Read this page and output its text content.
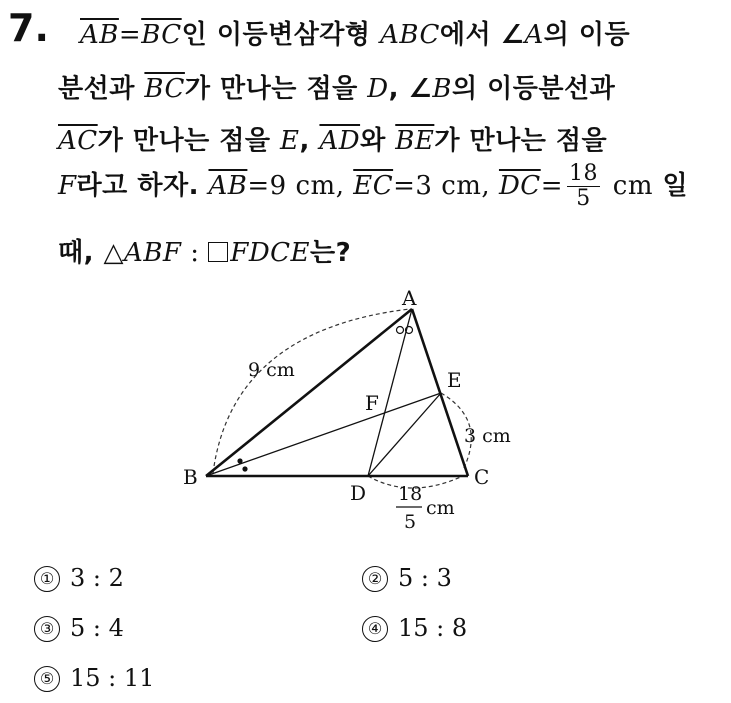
7. $\overline{AB}=\overline{BC}$인 이등변삼각형 ABC에서 ∠A의 이등
분선과 $\overline{BC}$가 만나는 점을 D, ∠B의 이등분선과
$\overline{AC}$가 만나는 점을 E, $\overline{AD}$와 $\overline{BE}$가 만나는 점을
F라고 하자. $\overline{AB}=9$ cm, $\overline{EC}=3$ cm, $\overline{DC}= \frac{18}{5}$ cm 일
때, △ABF : FDCE는?
A
B	C
D
E
F
9 cm
3 cm
18
5
cm
① 3 : 2	② 5 : 3
③ 5 : 4	④ 15 : 8
⑤ 15 : 11
